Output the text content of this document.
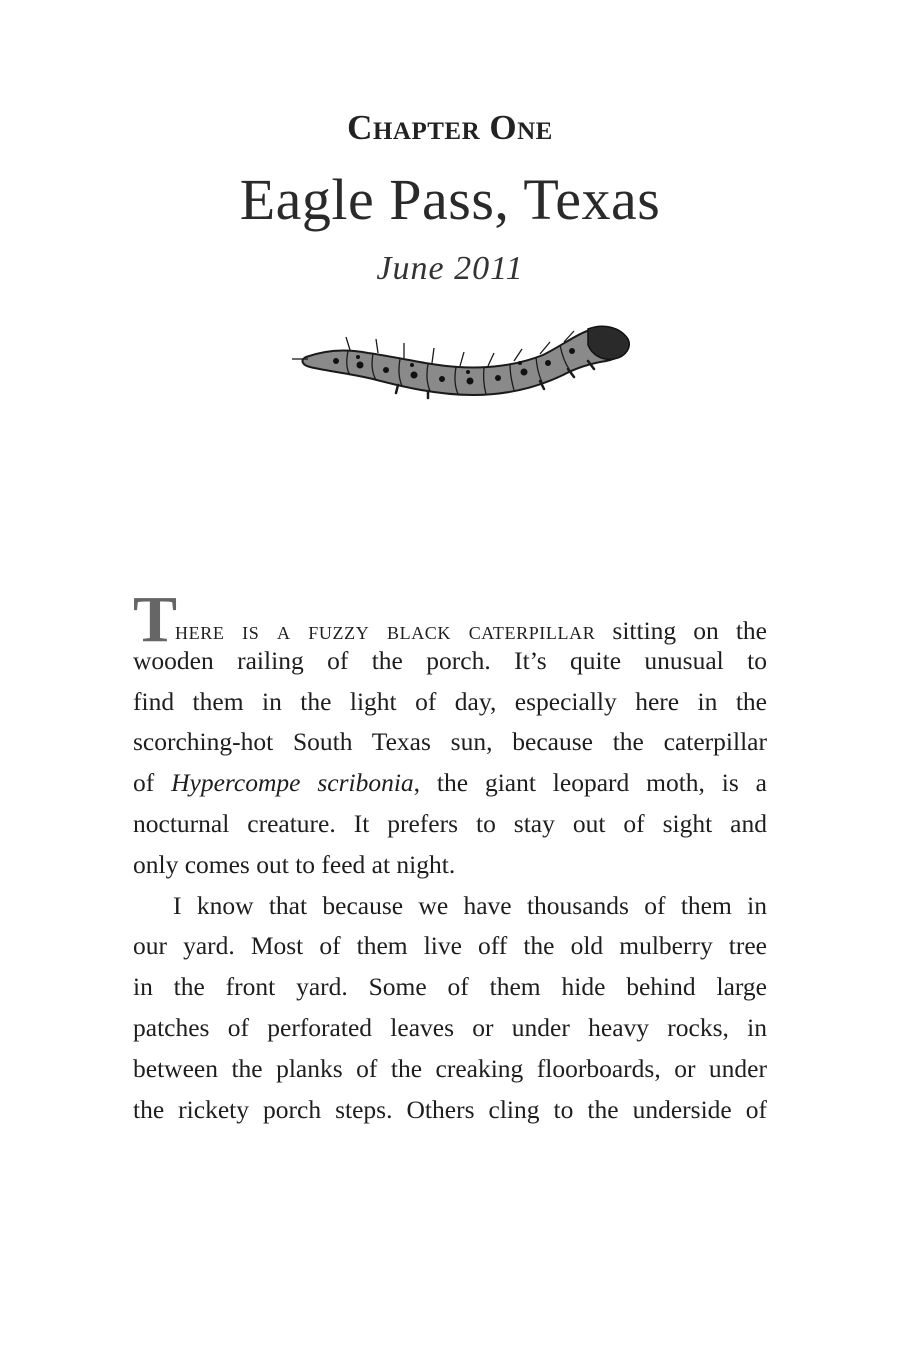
Chapter One
Eagle Pass, Texas
June 2011
There is a fuzzy black caterpillar sitting on the
wooden railing of the porch. It’s quite unusual to
find them in the light of day, especially here in the
scorching-hot South Texas sun, because the caterpillar
of Hypercompe scribonia, the giant leopard moth, is a
nocturnal creature. It prefers to stay out of sight and
only comes out to feed at night.
I know that because we have thousands of them in
our yard. Most of them live off the old mulberry tree
in the front yard. Some of them hide behind large
patches of perforated leaves or under heavy rocks, in
between the planks of the creaking floorboards, or under
the rickety porch steps. Others cling to the underside of
